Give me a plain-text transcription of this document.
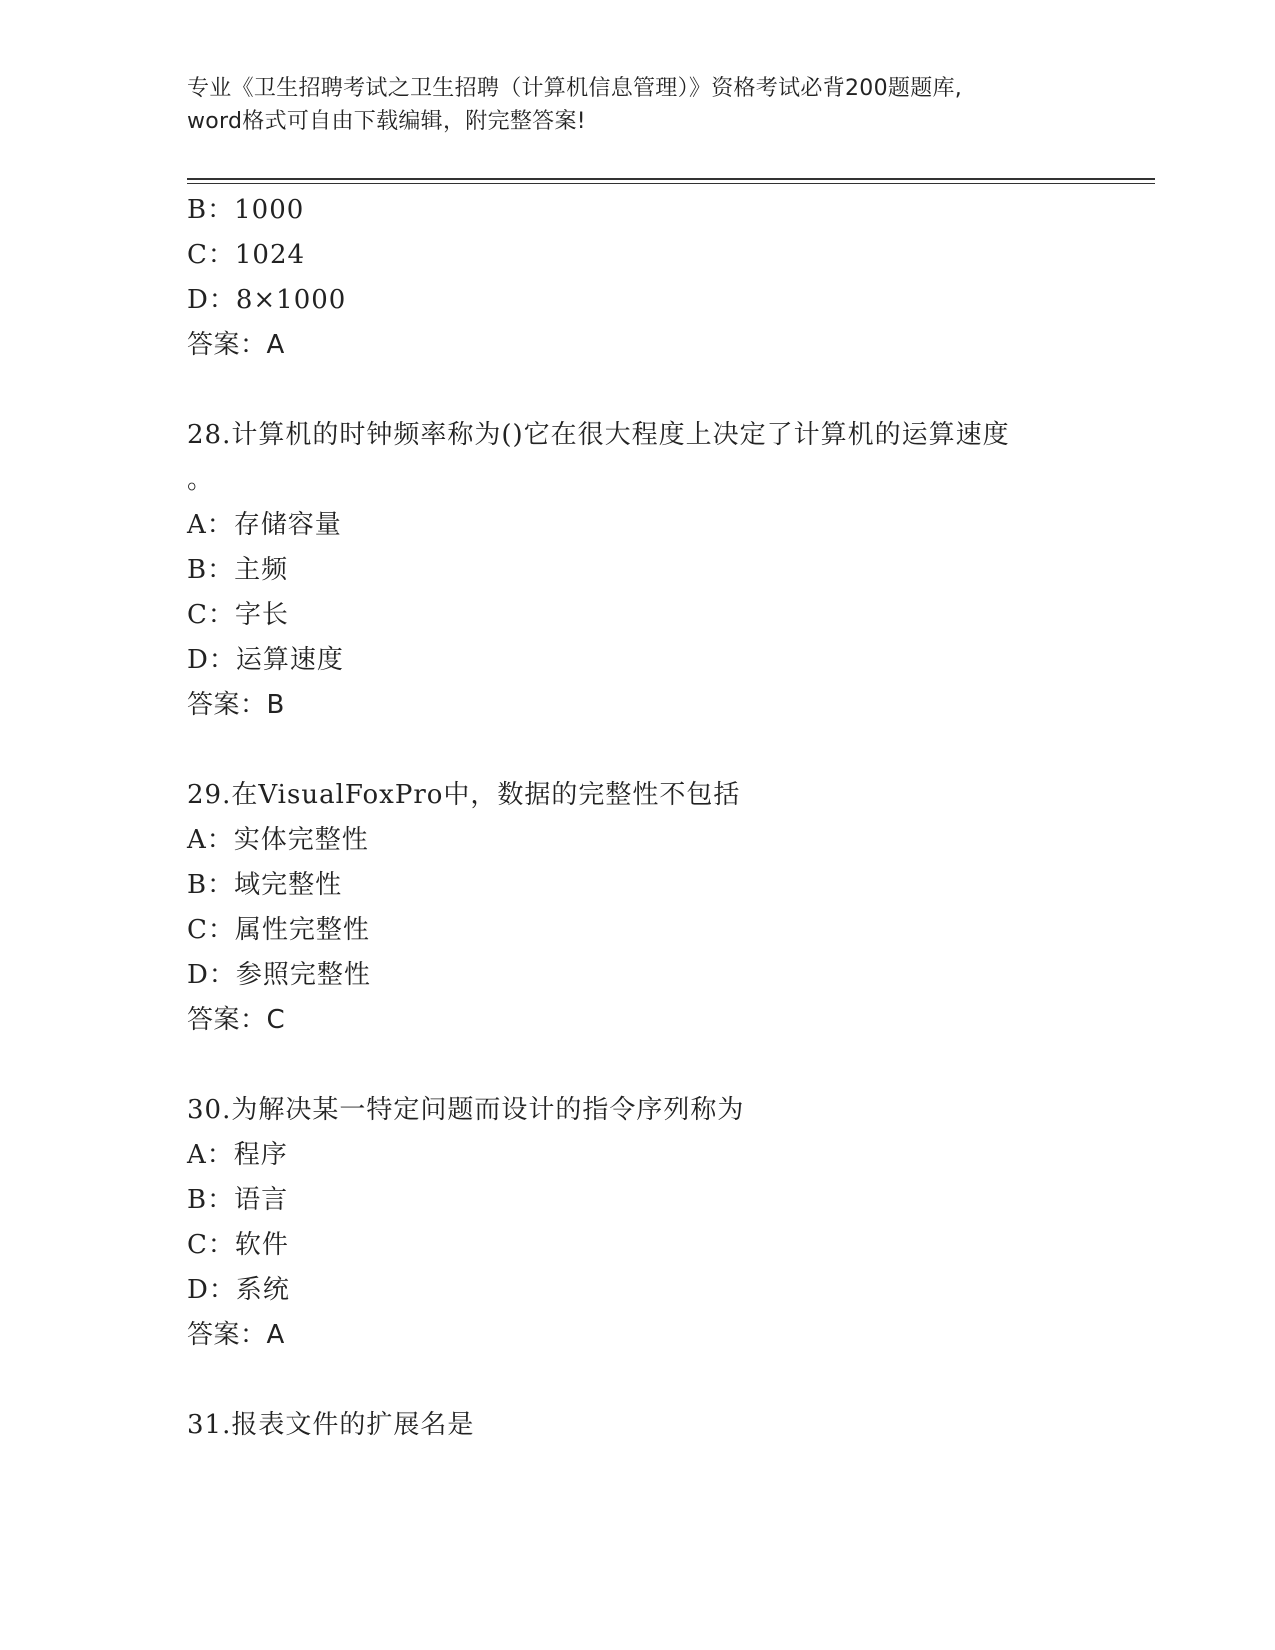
专业《卫生招聘考试之卫生招聘（计算机信息管理）》资格考试必背200题题库,
word格式可自由下载编辑，附完整答案!
B：1000
C：1024
D：8×1000
答案：A
28.计算机的时钟频率称为()它在很大程度上决定了计算机的运算速度
。
A：存储容量
B：主频
C：字长
D：运算速度
答案：B
29.在VisualFoxPro中，数据的完整性不包括
A：实体完整性
B：域完整性
C：属性完整性
D：参照完整性
答案：C
30.为解决某一特定问题而设计的指令序列称为
A：程序
B：语言
C：软件
D：系统
答案：A
31.报表文件的扩展名是
